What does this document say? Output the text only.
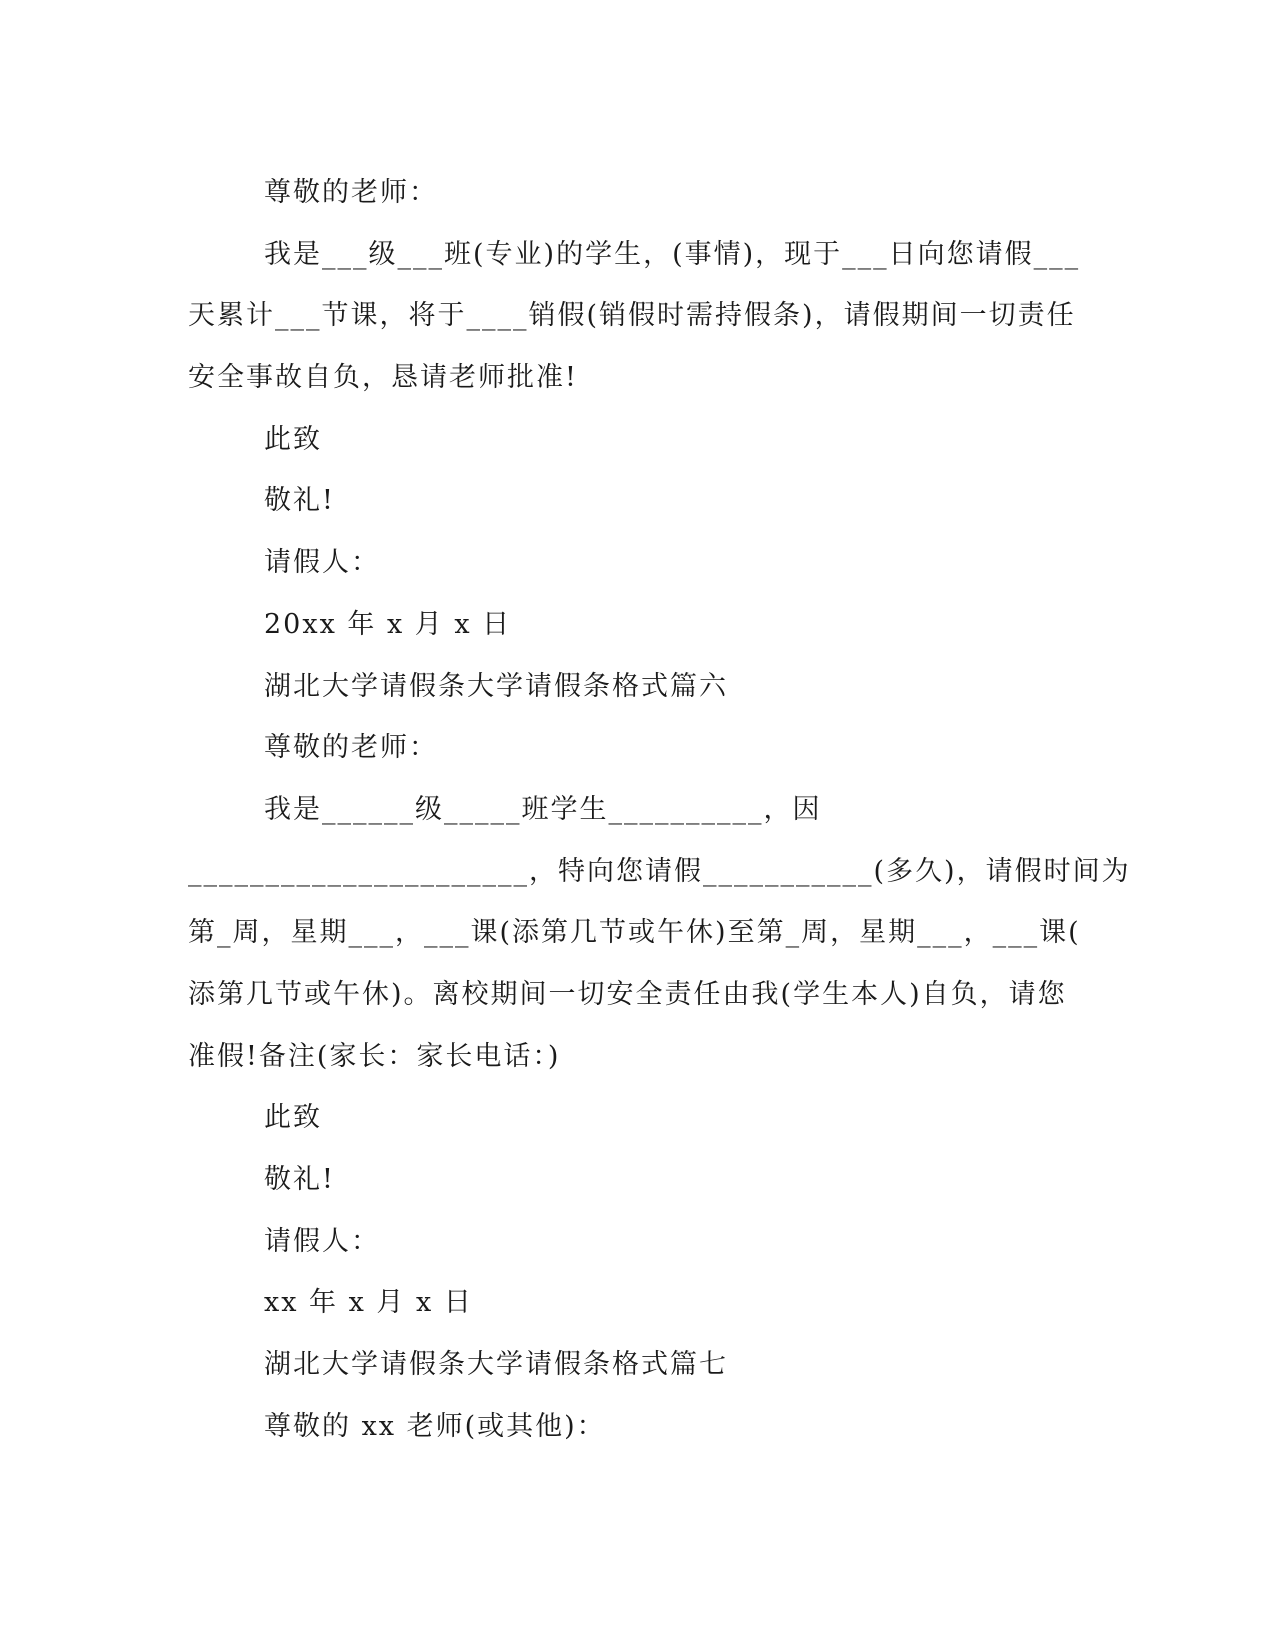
尊敬的老师：
我是___级___班(专业)的学生，(事情)，现于___日向您请假___
天累计___节课，将于____销假(销假时需持假条)，请假期间一切责任
安全事故自负，恳请老师批准!
此致
敬礼!
请假人：
20xx 年 x 月 x 日
湖北大学请假条大学请假条格式篇六
尊敬的老师：
我是______级_____班学生__________，因
______________________，特向您请假___________(多久)，请假时间为
第_周，星期___，___课(添第几节或午休)至第_周，星期___，___课(
添第几节或午休)。离校期间一切安全责任由我(学生本人)自负，请您
准假!备注(家长：家长电话：)
此致
敬礼!
请假人：
xx 年 x 月 x 日
湖北大学请假条大学请假条格式篇七
尊敬的 xx 老师(或其他)：
